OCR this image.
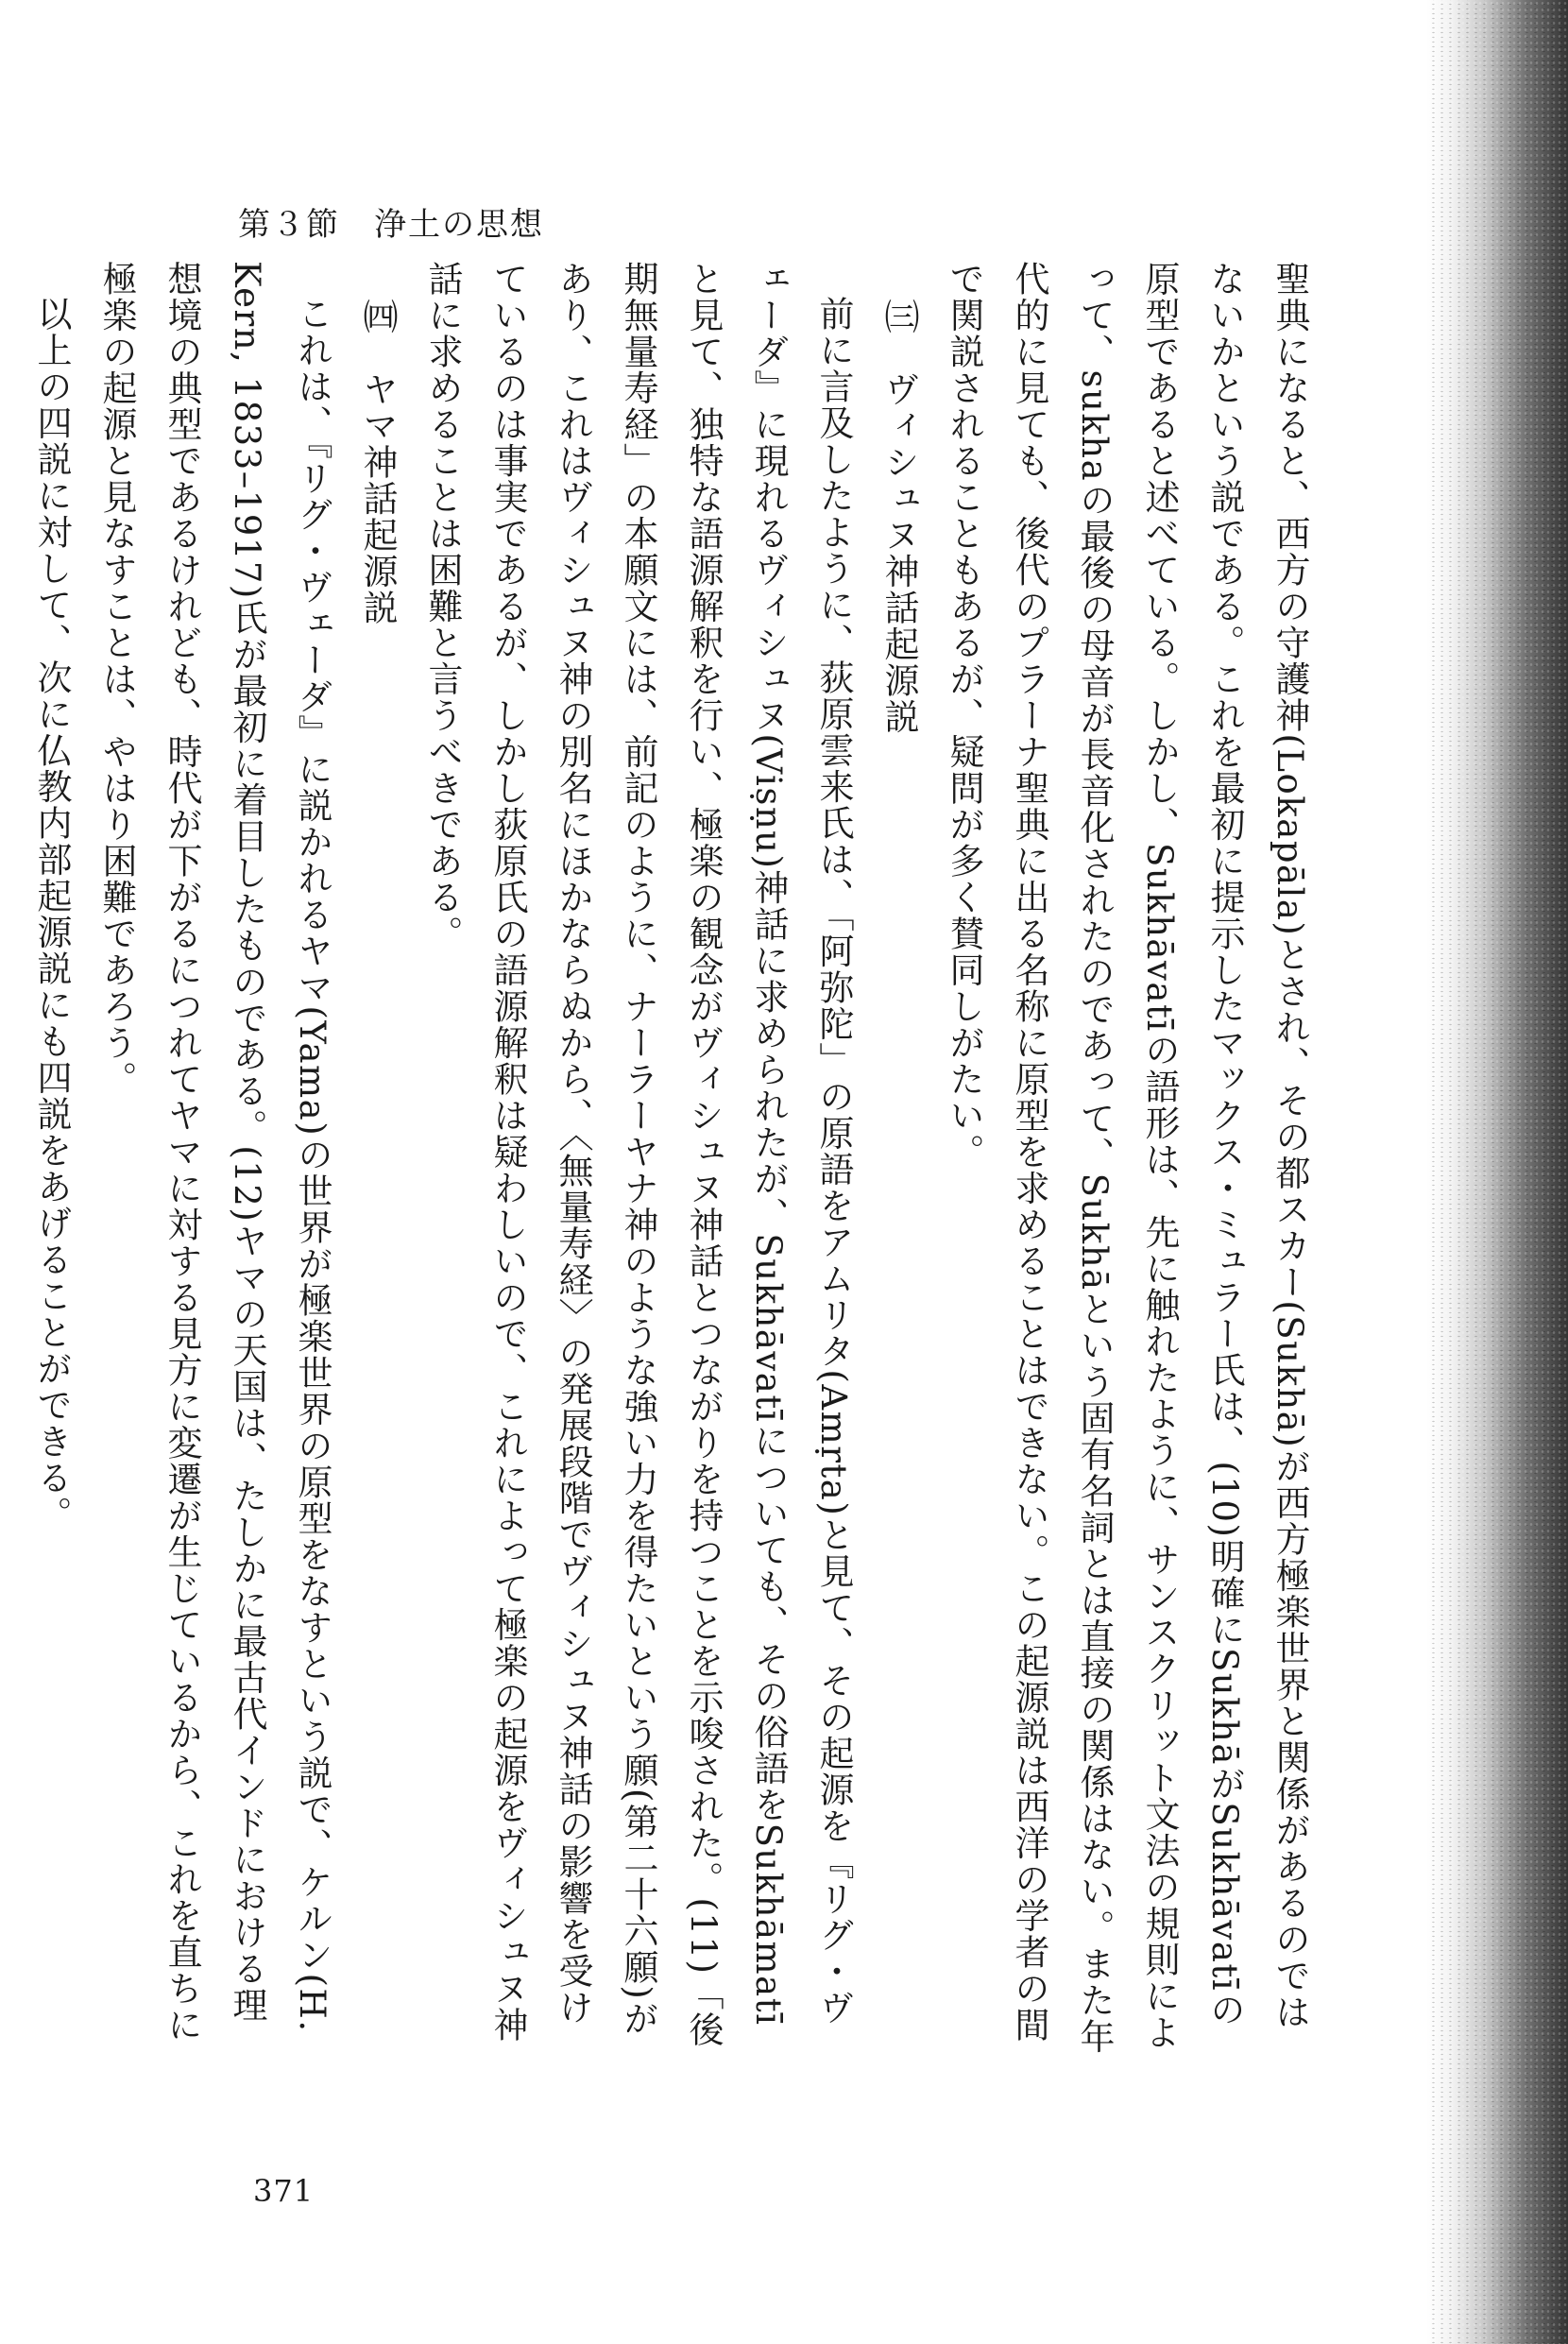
第３節　浄土の思想

聖典になると、西方の守護神(Lokapāla)とされ、その都スカー(Sukhā)が西方極楽世界と関係があるのではないかという説である。これを最初に提示したマックス・ミュラー氏は、(10)明確にSukhāがSukhāvatīの原型であると述べている。しかし、Sukhāvatīの語形は、先に触れたように、サンスクリット文法の規則によって、sukhaの最後の母音が長音化されたのであって、Sukhāという固有名詞とは直接の関係はない。また年代的に見ても、後代のプラーナ聖典に出る名称に原型を求めることはできない。この起源説は西洋の学者の間で関説されることもあるが、疑問が多く賛同しがたい。

㈢　ヴィシュヌ神話起源説

前に言及したように、荻原雲来氏は、「阿弥陀」の原語をアムリタ(Amṛta)と見て、その起源を『リグ・ヴェーダ』に現れるヴィシュヌ(Viṣṇu)神話に求められたが、Sukhāvatīについても、その俗語をSukhāmatīと見て、独特な語源解釈を行い、極楽の観念がヴィシュヌ神話とつながりを持つことを示唆された。(11)「後期無量寿経」の本願文には、前記のように、ナーラーヤナ神のような強い力を得たいという願(第二十六願)があり、これはヴィシュヌ神の別名にほかならぬから、〈無量寿経〉の発展段階でヴィシュヌ神話の影響を受けているのは事実であるが、しかし荻原氏の語源解釈は疑わしいので、これによって極楽の起源をヴィシュヌ神話に求めることは困難と言うべきである。

㈣　ヤマ神話起源説

これは、『リグ・ヴェーダ』に説かれるヤマ(Yama)の世界が極楽世界の原型をなすという説で、ケルン(H. Kern, 1833–1917)氏が最初に着目したものである。(12)ヤマの天国は、たしかに最古代インドにおける理想境の典型であるけれども、時代が下がるにつれてヤマに対する見方に変遷が生じているから、これを直ちに極楽の起源と見なすことは、やはり困難であろう。

以上の四説に対して、次に仏教内部起源説にも四説をあげることができる。

371
